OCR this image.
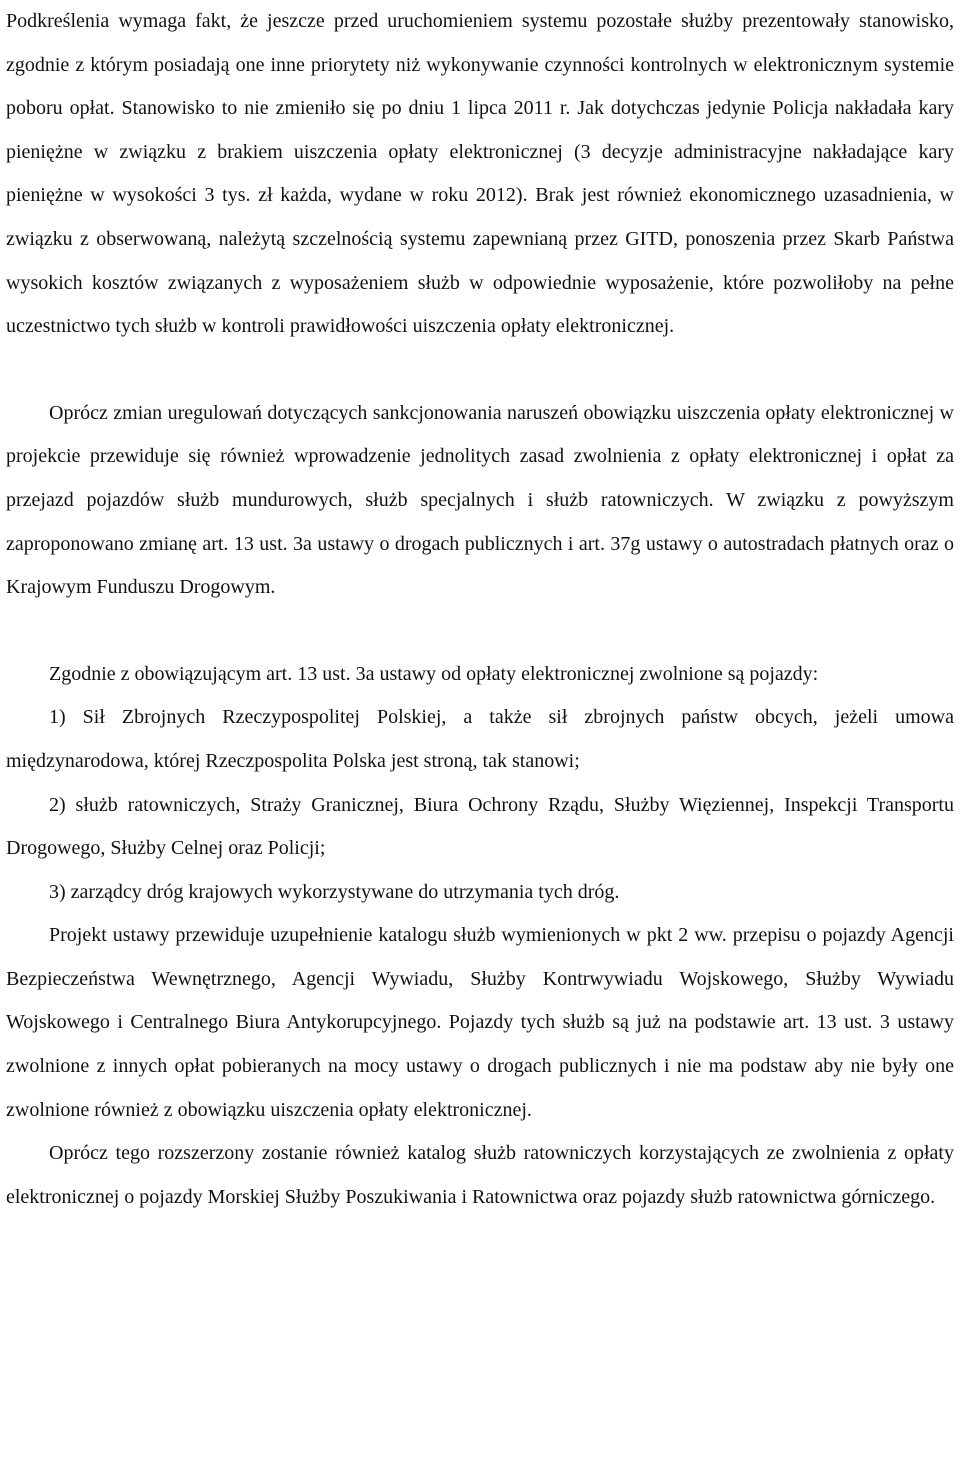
Podkreślenia wymaga fakt, że jeszcze przed uruchomieniem systemu pozostałe służby prezentowały stanowisko, zgodnie z którym posiadają one inne priorytety niż wykonywanie czynności kontrolnych w elektronicznym systemie poboru opłat. Stanowisko to nie zmieniło się po dniu 1 lipca 2011 r. Jak dotychczas jedynie Policja nakładała kary pieniężne w związku z brakiem uiszczenia opłaty elektronicznej (3 decyzje administracyjne nakładające kary pieniężne w wysokości 3 tys. zł każda, wydane w roku 2012). Brak jest również ekonomicznego uzasadnienia, w związku z obserwowaną, należytą szczelnością systemu zapewnianą przez GITD, ponoszenia przez Skarb Państwa wysokich kosztów związanych z wyposażeniem służb w odpowiednie wyposażenie, które pozwoliłoby na pełne uczestnictwo tych służb w kontroli prawidłowości uiszczenia opłaty elektronicznej.

Oprócz zmian uregulowań dotyczących sankcjonowania naruszeń obowiązku uiszczenia opłaty elektronicznej w projekcie przewiduje się również wprowadzenie jednolitych zasad zwolnienia z opłaty elektronicznej i opłat za przejazd pojazdów służb mundurowych, służb specjalnych i służb ratowniczych. W związku z powyższym zaproponowano zmianę art. 13 ust. 3a ustawy o drogach publicznych i art. 37g ustawy o autostradach płatnych oraz o Krajowym Funduszu Drogowym.

Zgodnie z obowiązującym art. 13 ust. 3a ustawy od opłaty elektronicznej zwolnione są pojazdy:

1) Sił Zbrojnych Rzeczypospolitej Polskiej, a także sił zbrojnych państw obcych, jeżeli umowa międzynarodowa, której Rzeczpospolita Polska jest stroną, tak stanowi;

2) służb ratowniczych, Straży Granicznej, Biura Ochrony Rządu, Służby Więziennej, Inspekcji Transportu Drogowego, Służby Celnej oraz Policji;

3) zarządcy dróg krajowych wykorzystywane do utrzymania tych dróg.

Projekt ustawy przewiduje uzupełnienie katalogu służb wymienionych w pkt 2 ww. przepisu o pojazdy Agencji Bezpieczeństwa Wewnętrznego, Agencji Wywiadu, Służby Kontrwywiadu Wojskowego, Służby Wywiadu Wojskowego i Centralnego Biura Antykorupcyjnego. Pojazdy tych służb są już na podstawie art. 13 ust. 3 ustawy zwolnione z innych opłat pobieranych na mocy ustawy o drogach publicznych i nie ma podstaw aby nie były one zwolnione również z obowiązku uiszczenia opłaty elektronicznej.

Oprócz tego rozszerzony zostanie również katalog służb ratowniczych korzystających ze zwolnienia z opłaty elektronicznej o pojazdy Morskiej Służby Poszukiwania i Ratownictwa oraz pojazdy służb ratownictwa górniczego.
